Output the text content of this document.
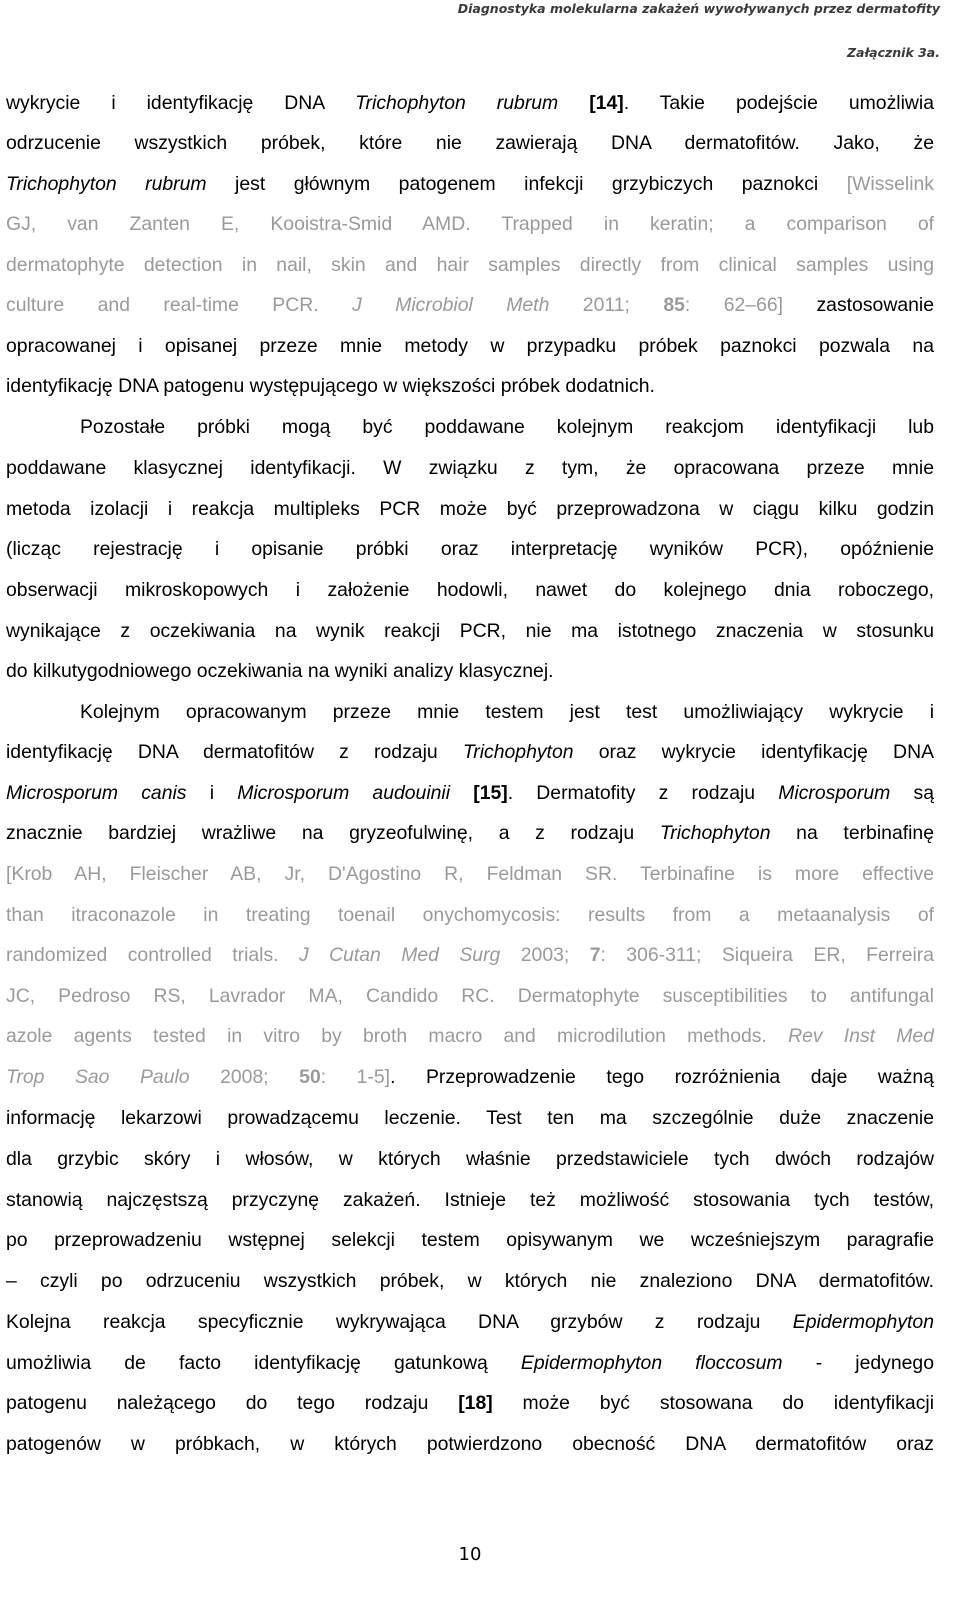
Diagnostyka molekularna zakażeń wywoływanych przez dermatofity
Załącznik 3a.
wykrycie i identyfikację DNA Trichophyton rubrum [14]. Takie podejście umożliwia
odrzucenie wszystkich próbek, które nie zawierają DNA dermatofitów. Jako, że
Trichophyton rubrum jest głównym patogenem infekcji grzybiczych paznokci [Wisselink
GJ, van Zanten E, Kooistra-Smid AMD. Trapped in keratin; a comparison of
dermatophyte detection in nail, skin and hair samples directly from clinical samples using
culture and real-time PCR. J Microbiol Meth 2011; 85: 62–66] zastosowanie
opracowanej i opisanej przeze mnie metody w przypadku próbek paznokci pozwala na
identyfikację DNA patogenu występującego w większości próbek dodatnich.
Pozostałe próbki mogą być poddawane kolejnym reakcjom identyfikacji lub
poddawane klasycznej identyfikacji. W związku z tym, że opracowana przeze mnie
metoda izolacji i reakcja multipleks PCR może być przeprowadzona w ciągu kilku godzin
(licząc rejestrację i opisanie próbki oraz interpretację wyników PCR), opóźnienie
obserwacji mikroskopowych i założenie hodowli, nawet do kolejnego dnia roboczego,
wynikające z oczekiwania na wynik reakcji PCR, nie ma istotnego znaczenia w stosunku
do kilkutygodniowego oczekiwania na wyniki analizy klasycznej.
Kolejnym opracowanym przeze mnie testem jest test umożliwiający wykrycie i
identyfikację DNA dermatofitów z rodzaju Trichophyton oraz wykrycie identyfikację DNA
Microsporum canis i Microsporum audouinii [15]. Dermatofity z rodzaju Microsporum są
znacznie bardziej wrażliwe na gryzeofulwinę, a z rodzaju Trichophyton na terbinafinę
[Krob AH, Fleischer AB, Jr, D'Agostino R, Feldman SR. Terbinafine is more effective
than itraconazole in treating toenail onychomycosis: results from a metaanalysis of
randomized controlled trials. J Cutan Med Surg 2003; 7: 306-311; Siqueira ER, Ferreira
JC, Pedroso RS, Lavrador MA, Candido RC. Dermatophyte susceptibilities to antifungal
azole agents tested in vitro by broth macro and microdilution methods. Rev Inst Med
Trop Sao Paulo 2008; 50: 1-5]. Przeprowadzenie tego rozróżnienia daje ważną
informację lekarzowi prowadzącemu leczenie. Test ten ma szczególnie duże znaczenie
dla grzybic skóry i włosów, w których właśnie przedstawiciele tych dwóch rodzajów
stanowią najczęstszą przyczynę zakażeń. Istnieje też możliwość stosowania tych testów,
po przeprowadzeniu wstępnej selekcji testem opisywanym we wcześniejszym paragrafie
– czyli po odrzuceniu wszystkich próbek, w których nie znaleziono DNA dermatofitów.
Kolejna reakcja specyficznie wykrywająca DNA grzybów z rodzaju Epidermophyton
umożliwia de facto identyfikację gatunkową Epidermophyton floccosum - jedynego
patogenu należącego do tego rodzaju [18] może być stosowana do identyfikacji
patogenów w próbkach, w których potwierdzono obecność DNA dermatofitów oraz
10
